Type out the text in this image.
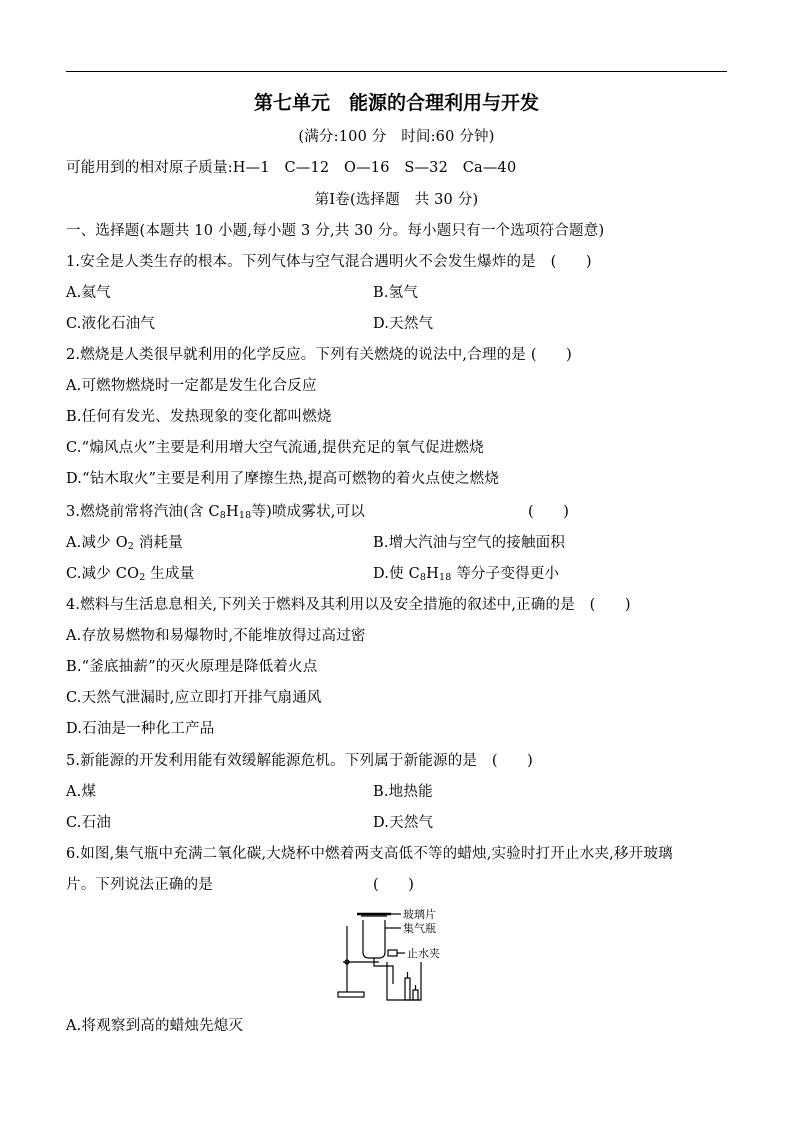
第七单元　能源的合理利用与开发
(满分:100 分　时间:60 分钟)
可能用到的相对原子质量:H—1　C—12　O—16　S—32　Ca—40
第Ⅰ卷(选择题　共 30 分)
一、选择题(本题共 10 小题,每小题 3 分,共 30 分。每小题只有一个选项符合题意)
1.安全是人类生存的根本。下列气体与空气混合遇明火不会发生爆炸的是　(　　)
A.氦气	B.氢气
C.液化石油气	D.天然气
2.燃烧是人类很早就利用的化学反应。下列有关燃烧的说法中,合理的是 (　　)
A.可燃物燃烧时一定都是发生化合反应
B.任何有发光、发热现象的变化都叫燃烧
C.“煽风点火”主要是利用增大空气流通,提供充足的氧气促进燃烧
D.“钻木取火”主要是利用了摩擦生热,提高可燃物的着火点使之燃烧
3.燃烧前常将汽油(含 $C_8H_{18}$等)喷成雾状,可以	(　　)
A.减少 $O_2$ 消耗量	B.增大汽油与空气的接触面积
C.减少 $CO_2$ 生成量	D.使 $C_8H_{18}$ 等分子变得更小
4.燃料与生活息息相关,下列关于燃料及其利用以及安全措施的叙述中,正确的是　(　　)
A.存放易燃物和易爆物时,不能堆放得过高过密
B.“釜底抽薪”的灭火原理是降低着火点
C.天然气泄漏时,应立即打开排气扇通风
D.石油是一种化工产品
5.新能源的开发利用能有效缓解能源危机。下列属于新能源的是　(　　)
A.煤	B.地热能
C.石油	D.天然气
6.如图,集气瓶中充满二氧化碳,大烧杯中燃着两支高低不等的蜡烛,实验时打开止水夹,移开玻璃
片。下列说法正确的是	(　　)
玻璃片
集气瓶
止水夹
A.将观察到高的蜡烛先熄灭
